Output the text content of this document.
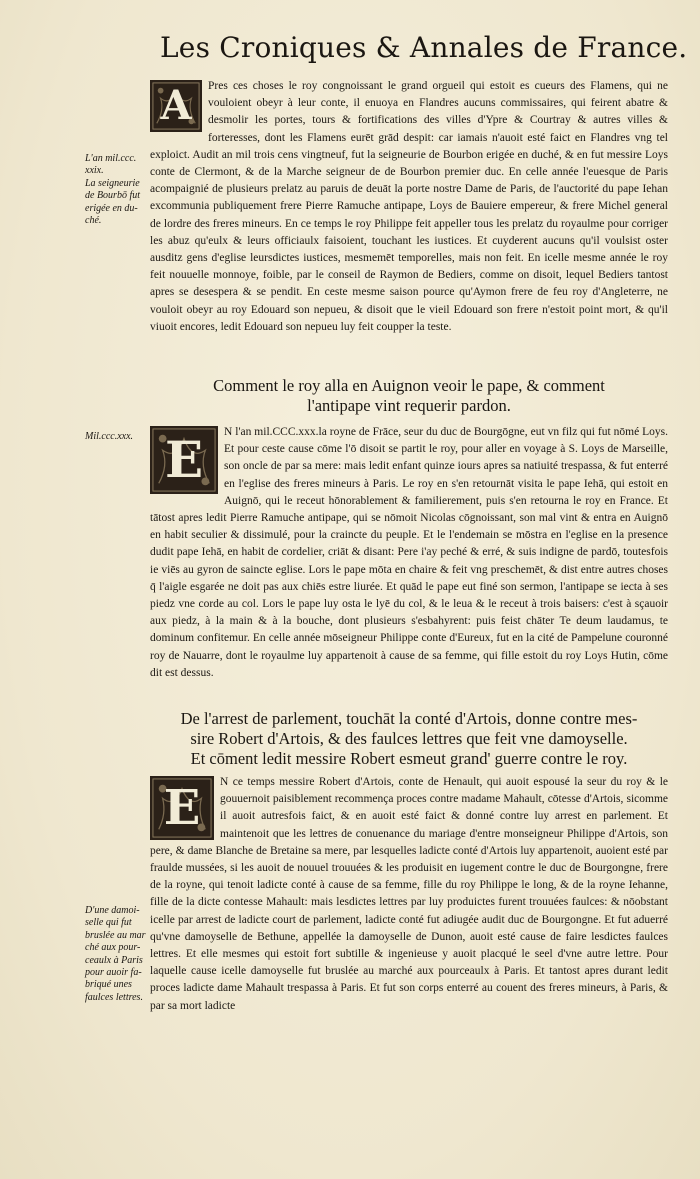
Les Croniques & Annales de France.
L'an mil.ccc.
xxix.
La seigneurie
de Bourbō fut
erigée en du-
ché.
Mil.ccc.xxx.
D'une damoi-
selle qui fut
bruslée au mar
ché aux pour-
ceaulx à Paris
pour auoir fa-
briqué unes
faulces lettres.
A	Pres ces choses le roy congnoissant le grand orgueil qui estoit es cueurs des Flamens, qui ne vouloient obeyr à leur conte, il enuoya en Flandres aucuns commissaires, qui feirent abatre & desmolir les portes, tours & fortifications des villes d'Ypre & Courtray & autres villes & forteresses, dont les Flamens eurēt grād despit: car iamais n'auoit esté faict en Flandres vng tel exploict. Audit an mil trois cens vingtneuf, fut la seigneurie de Bourbon erigée en duché, & en fut messire Loys conte de Clermont, & de la Marche seigneur de de Bourbon premier duc. En celle année l'euesque de Paris acompaignié de plusieurs prelatz au paruis de deuāt la porte nostre Dame de Paris, de l'auctorité du pape Iehan excommunia publiquement frere Pierre Ramuche antipape, Loys de Bauiere empereur, & frere Michel general de lordre des freres mineurs. En ce temps le roy Philippe feit appeller tous les prelatz du royaulme pour corriger les abuz qu'eulx & leurs officiaulx faisoient, touchant les iustices. Et cuyderent aucuns qu'il voulsist oster ausditz gens d'eglise leursdictes iustices, mesmemēt temporelles, mais non feit. En icelle mesme année le roy feit nouuelle monnoye, foible, par le conseil de Raymon de Bediers, comme on disoit, lequel Bediers tantost apres se desespera & se pendit. En ceste mesme saison pource qu'Aymon frere de feu roy d'Angleterre, ne vouloit obeyr au roy Edouard son nepueu, & disoit que le vieil Edouard son frere n'estoit point mort, & qu'il viuoit encores, ledit Edouard son nepueu luy feit coupper la teste.

Comment le roy alla en Auignon veoir le pape, & comment
l'antipape vint requerir pardon.
E	N l'an mil.CCC.xxx.la royne de Frāce, seur du duc de Bourgōgne, eut vn filz qui fut nōmé Loys. Et pour ceste cause cōme l'ō disoit se partit le roy, pour aller en voyage à S. Loys de Marseille, son oncle de par sa mere: mais ledit enfant quinze iours apres sa natiuité trespassa, & fut enterré en l'eglise des freres mineurs à Paris. Le roy en s'en retournāt visita le pape Iehā, qui estoit en Auignō, qui le receut hōnorablement & familierement, puis s'en retourna le roy en France. Et tātost apres ledit Pierre Ramuche antipape, qui se nōmoit Nicolas cōgnoissant, son mal vint & entra en Auignō en habit seculier & dissimulé, pour la craincte du peuple. Et le l'endemain se mōstra en l'eglise en la presence dudit pape Iehā, en habit de cordelier, criāt & disant: Pere i'ay peché & erré, & suis indigne de pardō, toutesfois ie viēs au gyron de saincte eglise. Lors le pape mōta en chaire & feit vng preschemēt, & dist entre autres choses q̄ l'aigle esgarée ne doit pas aux chiēs estre liurée. Et quād le pape eut finé son sermon, l'antipape se iecta à ses piedz vne corde au col. Lors le pape luy osta le lyē du col, & le leua & le receut à trois baisers: c'est à sçauoir aux piedz, à la main & à la bouche, dont plusieurs s'esbahyrent: puis feist chāter Te deum laudamus, te dominum confitemur. En celle année mōseigneur Philippe conte d'Eureux, fut en la cité de Pampelune couronné roy de Nauarre, dont le royaulme luy appartenoit à cause de sa femme, qui fille estoit du roy Loys Hutin, cōme dit est dessus.

De l'arrest de parlement, touchāt la conté d'Artois, donne contre mes-
sire Robert d'Artois, & des faulces lettres que feit vne damoyselle.
Et cōment ledit messire Robert esmeut grand' guerre contre le roy.
E	N ce temps messire Robert d'Artois, conte de Henault, qui auoit espousé la seur du roy & le gouuernoit paisiblement recommença proces contre madame Mahault, cōtesse d'Artois, sicomme il auoit autresfois faict, & en auoit esté faict & donné contre luy arrest en parlement. Et maintenoit que les lettres de conuenance du mariage d'entre monseigneur Philippe d'Artois, son pere, & dame Blanche de Bretaine sa mere, par lesquelles ladicte conté d'Artois luy appartenoit, auoient esté par fraulde mussées, si les auoit de nouuel trouuées & les produisit en iugement contre le duc de Bourgongne, frere de la royne, qui tenoit ladicte conté à cause de sa femme, fille du roy Philippe le long, & de la royne Iehanne, fille de la dicte contesse Mahault: mais lesdictes lettres par luy produictes furent trouuées faulces: & nōobstant icelle par arrest de ladicte court de parlement, ladicte conté fut adiugée audit duc de Bourgongne. Et fut aduerré qu'vne damoyselle de Bethune, appellée la damoyselle de Dunon, auoit esté cause de faire lesdictes faulces lettres. Et elle mesmes qui estoit fort subtille & ingenieuse y auoit placqué le seel d'vne autre lettre. Pour laquelle cause icelle damoyselle fut bruslée au marché aux pourceaulx à Paris. Et tantost apres durant ledit proces ladicte dame Mahault trespassa à Paris. Et fut son corps enterré au couent des freres mineurs, à Paris, & par sa mort ladicte
